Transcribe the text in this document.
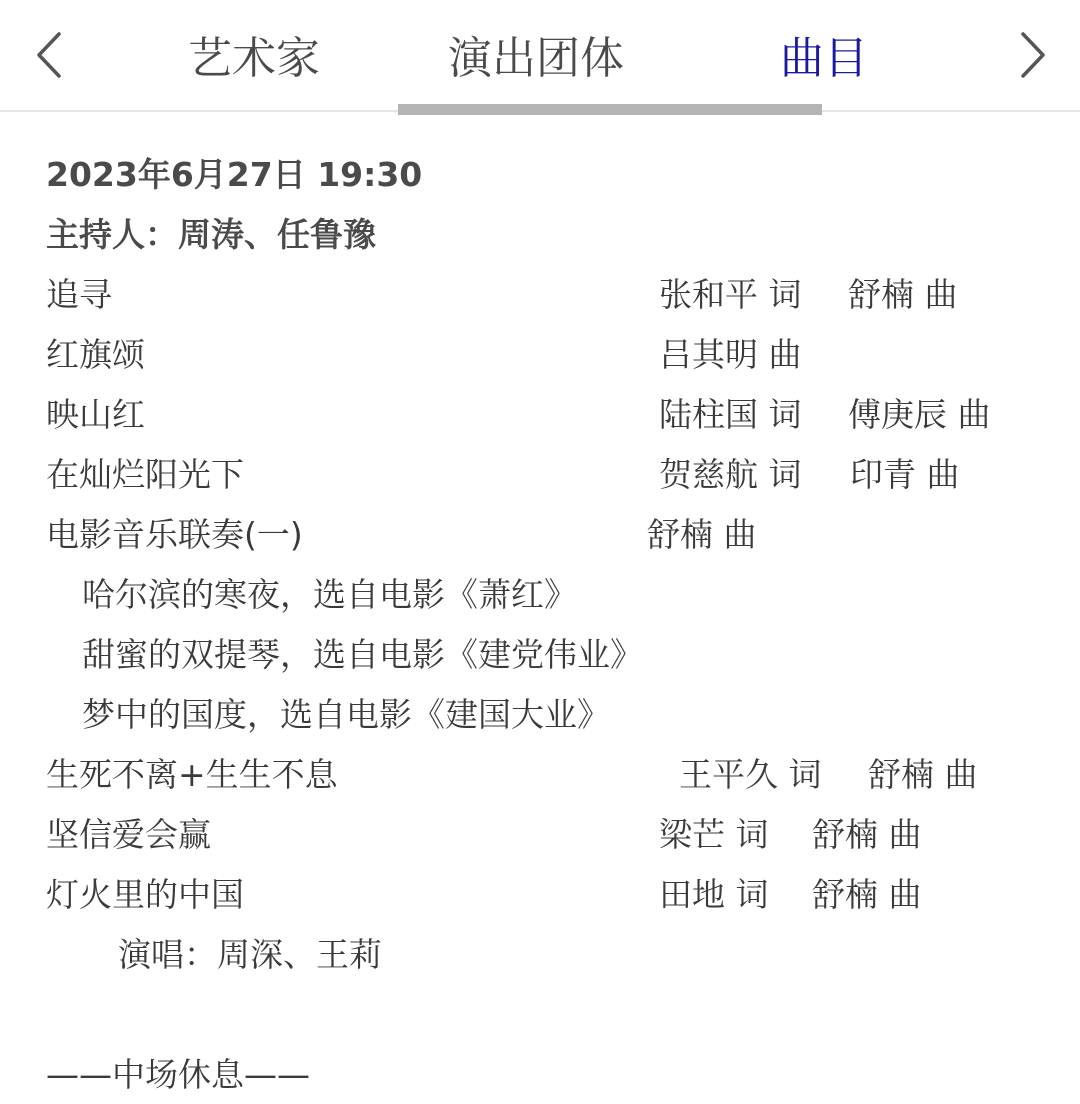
艺术家	演出团体	曲目
2023年6月27日 19:30
主持人：周涛、任鲁豫
追寻	张和平 词 舒楠 曲
红旗颂	吕其明 曲
映山红	陆柱国 词 傅庚辰 曲
在灿烂阳光下	贺慈航 词 印青 曲
电影音乐联奏(一)	舒楠 曲
哈尔滨的寒夜，选自电影《萧红》
甜蜜的双提琴，选自电影《建党伟业》
梦中的国度，选自电影《建国大业》
生死不离+生生不息	王平久 词 舒楠 曲
坚信爱会赢	梁芒 词 舒楠 曲
灯火里的中国	田地 词 舒楠 曲
演唱：周深、王莉
——中场休息——
